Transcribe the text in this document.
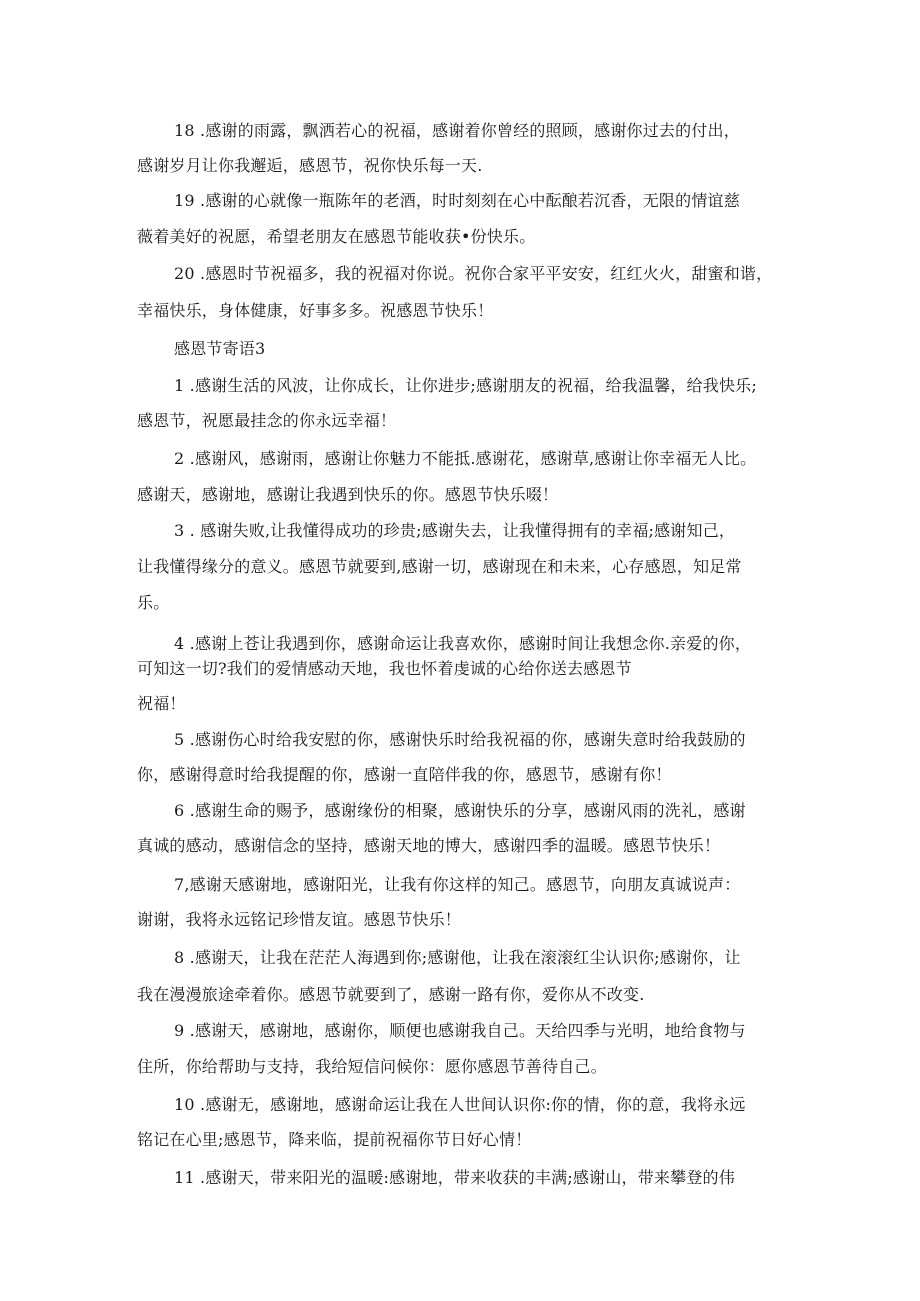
18 .感谢的雨露，飘洒若心的祝福，感谢着你曾经的照顾，感谢你过去的付出，
感谢岁月让你我邂逅，感恩节，祝你快乐每一天.
19 .感谢的心就像一瓶陈年的老酒，时时刻刻在心中酝酿若沉香，无限的情谊慈
薇着美好的祝愿，希望老朋友在感恩节能收获•份快乐。
20 .感恩时节祝福多，我的祝福对你说。祝你合家平平安安，红红火火，甜蜜和谐，
幸福快乐，身体健康，好事多多。祝感恩节快乐！
感恩节寄语3
1 .感谢生活的风波，让你成长，让你进步;感谢朋友的祝福，给我温馨，给我快乐;
感恩节，祝愿最挂念的你永远幸福！
2 .感谢风，感谢雨，感谢让你魅力不能抵.感谢花，感谢草,感谢让你幸福无人比。
感谢天，感谢地，感谢让我遇到快乐的你。感恩节快乐啜！
3 . 感谢失败,让我懂得成功的珍贵;感谢失去，让我懂得拥有的幸福;感谢知己，
让我懂得缘分的意义。感恩节就要到,感谢一切，感谢现在和未来，心存感恩，知足常
乐。
4 .感谢上苍让我遇到你，感谢命运让我喜欢你，感谢时间让我想念你.亲爱的你，
可知这一切?我们的爱情感动天地，我也怀着虔诚的心给你送去感恩节
祝福！
5 .感谢伤心时给我安慰的你，感谢快乐时给我祝福的你，感谢失意时给我鼓励的
你，感谢得意时给我提醒的你，感谢一直陪伴我的你，感恩节，感谢有你！
6 .感谢生命的赐予，感谢缘份的相聚，感谢快乐的分享，感谢风雨的洗礼，感谢
真诚的感动，感谢信念的坚持，感谢天地的博大，感谢四季的温暖。感恩节快乐！
7,感谢天感谢地，感谢阳光，让我有你这样的知己。感恩节，向朋友真诚说声：
谢谢，我将永远铭记珍惜友谊。感恩节快乐！
8 .感谢天，让我在茫茫人海遇到你;感谢他，让我在滚滚红尘认识你;感谢你，让
我在漫漫旅途牵着你。感恩节就要到了，感谢一路有你，爱你从不改变.
9 .感谢天，感谢地，感谢你，顺便也感谢我自己。天给四季与光明，地给食物与
住所，你给帮助与支持，我给短信问候你：愿你感恩节善待自己。
10 .感谢无，感谢地，感谢命运让我在人世间认识你:你的情，你的意，我将永远
铭记在心里;感恩节，降来临，提前祝福你节日好心情！
11 .感谢天，带来阳光的温暖:感谢地，带来收获的丰满;感谢山，带来攀登的伟
